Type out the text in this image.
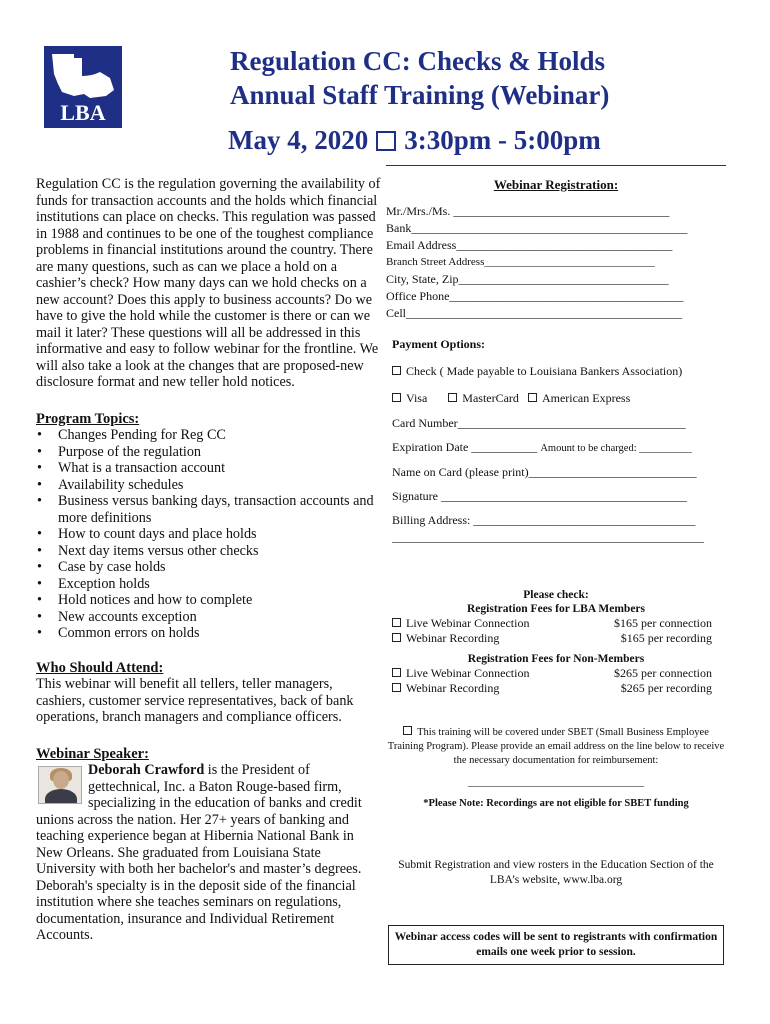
LBA
Regulation CC: Checks & Holds
Annual Staff Training (Webinar)
May 4, 2020 3:30pm - 5:00pm

Regulation CC is the regulation governing the availability of funds for transaction accounts and the holds which financial institutions can place on checks. This regulation was passed in 1988 and continues to be one of the toughest compliance problems in financial institutions around the country. There are many questions, such as can we place a hold on a cashier’s check? How many days can we hold checks on a new account? Does this apply to business accounts? Do we have to give the hold while the customer is there or can we mail it later? These questions will all be addressed in this informative and easy to follow webinar for the frontline. We will also take a look at the changes that are proposed-new disclosure format and new teller hold notices.

Program Topics:
• Changes Pending for Reg CC
• Purpose of the regulation
• What is a transaction account
• Availability schedules
• Business versus banking days, transaction accounts and more definitions
• How to count days and place holds
• Next day items versus other checks
• Case by case holds
• Exception holds
• Hold notices and how to complete
• New accounts exception
• Common errors on holds
Who Should Attend:

This webinar will benefit all tellers, teller managers, cashiers, customer service representatives, back of bank operations, branch managers and compliance officers.

Webinar Speaker:

Deborah Crawford is the President of gettechnical, Inc. a Baton Rouge-based firm, specializing in the education of banks and credit unions across the nation. Her 27+ years of banking and teaching experience began at Hibernia National Bank in New Orleans. She graduated from Louisiana State University with both her bachelor's and master’s degrees. Deborah's specialty is in the deposit side of the financial institution where she teaches seminars on regulations, documentation, insurance and Individual Retirement Accounts.

Webinar Registration:
Mr./Mrs./Ms. ____________________________________
Bank______________________________________________
Email Address____________________________________
Branch Street Address_______________________________
City, State, Zip___________________________________
Office Phone_______________________________________
Cell______________________________________________
Payment Options:
Check ( Made payable to Louisiana Bankers Association)
Visa	MasterCard American Express
Card Number______________________________________
Expiration Date ___________ Amount to be charged: __________
Name on Card (please print)____________________________
Signature _________________________________________
Billing Address: _____________________________________
____________________________________________________
Please check:
Registration Fees for LBA Members
Live Webinar Connection	$165 per connection
Webinar Recording	$165 per recording
Registration Fees for Non-Members
Live Webinar Connection	$265 per connection
Webinar Recording	$265 per recording
This training will be covered under SBET (Small Business Employee Training Program). Please provide an email address on the line below to receive the necessary documentation for reimbursement:
________________________________
*Please Note: Recordings are not eligible for SBET funding
Submit Registration and view rosters in the Education Section of the LBA’s website, www.lba.org
Webinar access codes will be sent to registrants with confirmation emails one week prior to session.
